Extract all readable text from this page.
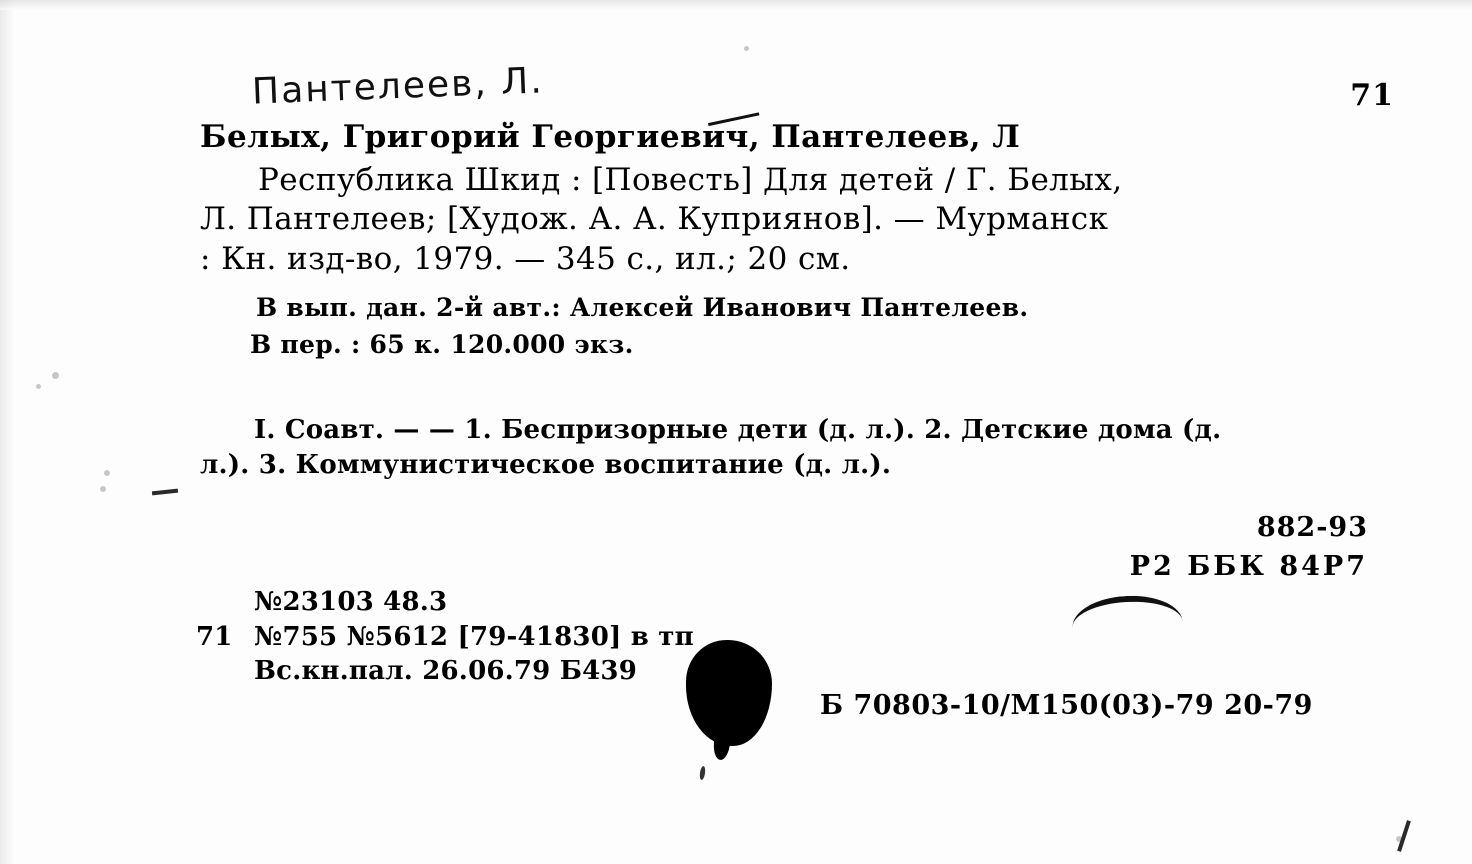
71
Пантелеев, Л.
Белых, Григорий Георгиевич, Пантелеев, Л
Республика Шкид : [Повесть] Для детей / Г. Белых,
Л. Пантелеев; [Худож. А. А. Куприянов]. — Мурманск
: Кн. изд-во, 1979. — 345 с., ил.; 20 см.
В вып. дан. 2-й авт.: Алексей Иванович Пантелеев.
В пер. : 65 к. 120.000 экз.
I. Соавт. — — 1. Беспризорные дети (д. л.). 2. Детские дома (д.
л.). 3. Коммунистическое воспитание (д. л.).
882-93
Р2 ББК 84Р7
№23103 48.3
71 №755 №5612 [79-41830] в тп
Вс.кн.пал. 26.06.79 Б439
Б 70803-10/М150(03)-79 20-79
